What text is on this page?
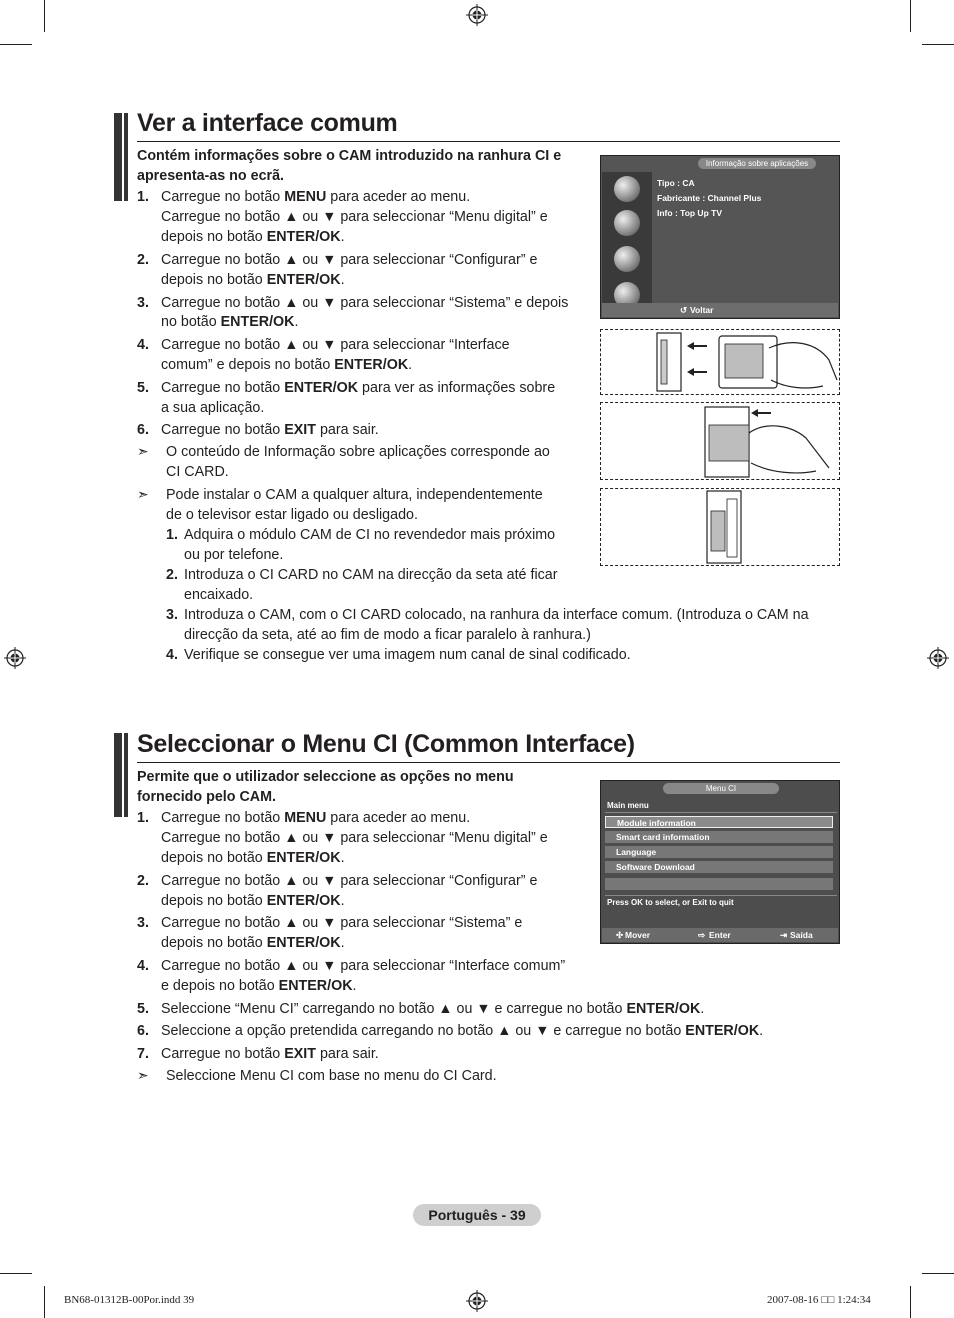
Ver a interface comum
Contém informações sobre o CAM introduzido na ranhura CI e
apresenta-as no ecrã.
1. Carregue no botão MENU para aceder ao menu.
Carregue no botão ▲ ou ▼ para seleccionar “Menu digital” e
depois no botão ENTER/OK.
2. Carregue no botão ▲ ou ▼ para seleccionar “Configurar” e
depois no botão ENTER/OK.
3. Carregue no botão ▲ ou ▼ para seleccionar “Sistema” e depois
no botão ENTER/OK.
4. Carregue no botão ▲ ou ▼ para seleccionar “Interface
comum” e depois no botão ENTER/OK.
5. Carregue no botão ENTER/OK para ver as informações sobre
a sua aplicação.
6. Carregue no botão EXIT para sair.
➣ O conteúdo de Informação sobre aplicações corresponde ao
CI CARD.
➣ Pode instalar o CAM a qualquer altura, independentemente
de o televisor estar ligado ou desligado.
1. Adquira o módulo CAM de CI no revendedor mais próximo
ou por telefone.
2. Introduza o CI CARD no CAM na direcção da seta até ficar
encaixado.
3. Introduza o CAM, com o CI CARD colocado, na ranhura da interface comum. (Introduza o CAM na
direcção da seta, até ao fim de modo a ficar paralelo à ranhura.)
4. Verifique se consegue ver uma imagem num canal de sinal codificado.
Informação sobre aplicações
Tipo : CA
Fabricante : Channel Plus
Info : Top Up TV
↺ Voltar
Seleccionar o Menu CI (Common Interface)
Permite que o utilizador seleccione as opções no menu
fornecido pelo CAM.
1. Carregue no botão MENU para aceder ao menu.
Carregue no botão ▲ ou ▼ para seleccionar “Menu digital” e
depois no botão ENTER/OK.
2. Carregue no botão ▲ ou ▼ para seleccionar “Configurar” e
depois no botão ENTER/OK.
3. Carregue no botão ▲ ou ▼ para seleccionar “Sistema” e
depois no botão ENTER/OK.
4. Carregue no botão ▲ ou ▼ para seleccionar “Interface comum”
e depois no botão ENTER/OK.
5. Seleccione “Menu CI” carregando no botão ▲ ou ▼ e carregue no botão ENTER/OK.
6. Seleccione a opção pretendida carregando no botão ▲ ou ▼ e carregue no botão ENTER/OK.
7. Carregue no botão EXIT para sair.
➣ Seleccione Menu CI com base no menu do CI Card.
Menu CI
Main menu
Module information
Smart card information
Language
Software Download
Press OK to select, or Exit to quit
✣ Mover	⇨ Enter	⇥ Saída
Português - 39
BN68-01312B-00Por.indd 39	2007-08-16 □□ 1:24:34
